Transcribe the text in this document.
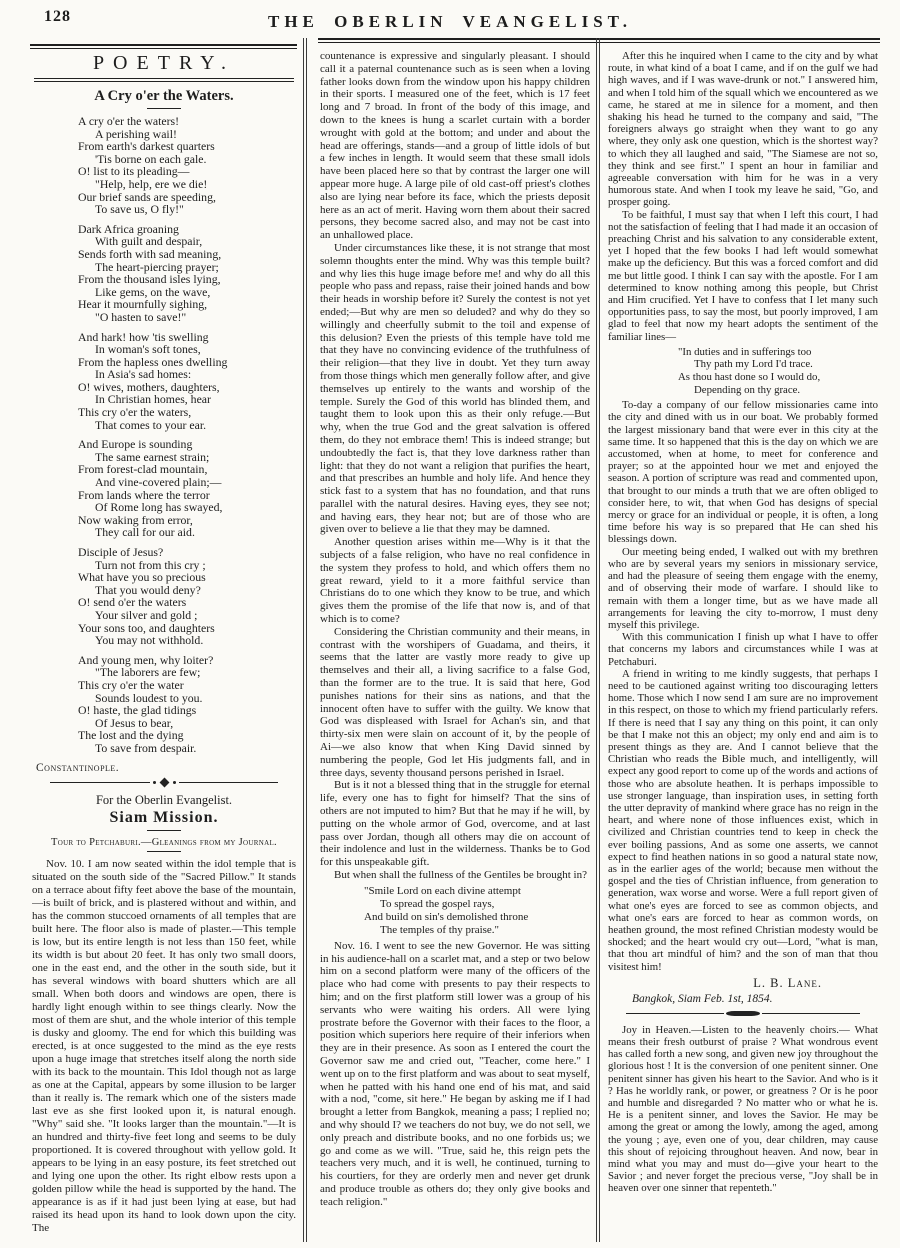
128	THE OBERLIN VEANGELIST.
POETRY.
A Cry o'er the Waters.
A cry o'er the waters!
A perishing wail!
From earth's darkest quarters
'Tis borne on each gale.
O! list to its pleading—
"Help, help, ere we die!
Our brief sands are speeding,
To save us, O fly!"
Dark Africa groaning
With guilt and despair,
Sends forth with sad meaning,
The heart-piercing prayer;
From the thousand isles lying,
Like gems, on the wave,
Hear it mournfully sighing,
"O hasten to save!"
And hark! how 'tis swelling
In woman's soft tones,
From the hapless ones dwelling
In Asia's sad homes:
O! wives, mothers, daughters,
In Christian homes, hear
This cry o'er the waters,
That comes to your ear.
And Europe is sounding
The same earnest strain;
From forest-clad mountain,
And vine-covered plain;—
From lands where the terror
Of Rome long has swayed,
Now waking from error,
They call for our aid.
Disciple of Jesus?
Turn not from this cry ;
What have you so precious
That you would deny?
O! send o'er the waters
Your silver and gold ;
Your sons too, and daughters
You may not withhold.
And young men, why loiter?
"The laborers are few;
This cry o'er the water
Sounds loudest to you.
O! haste, the glad tidings
Of Jesus to bear,
The lost and the dying
To save from despair.
Constantinople.
For the Oberlin Evangelist.
Siam Mission.
Tour to Petchaburi.—Gleanings from my Journal.

Nov. 10. I am now seated within the idol temple that is situated on the south side of the "Sacred Pillow." It stands on a terrace about fifty feet above the base of the mountain,—is built of brick, and is plastered without and within, and has the common stuccoed ornaments of all temples that are built here. The floor also is made of plaster.—This temple is low, but its entire length is not less than 150 feet, while its width is but about 20 feet. It has only two small doors, one in the east end, and the other in the south side, but it has several windows with board shutters which are all small. When both doors and windows are open, there is hardly light enough within to see things clearly. Now the most of them are shut, and the whole interior of this temple is dusky and gloomy. The end for which this building was erected, is at once suggested to the mind as the eye rests upon a huge image that stretches itself along the north side with its back to the mountain. This Idol though not as large as one at the Capital, appears by some illusion to be larger than it really is. The remark which one of the sisters made last eve as she first looked upon it, is natural enough. "Why" said she. "It looks larger than the mountain."—It is an hundred and thirty-five feet long and seems to be duly proportioned. It is covered throughout with yellow gold. It appears to be lying in an easy posture, its feet stretched out and lying one upon the other. Its right elbow rests upon a golden pillow while the head is supported by the hand. The appearance is as if it had just been lying at ease, but had raised its head upon its hand to look down upon the city. The

countenance is expressive and singularly pleasant. I should call it a paternal countenance such as is seen when a loving father looks down from the window upon his happy children in their sports. I measured one of the feet, which is 17 feet long and 7 broad. In front of the body of this image, and down to the knees is hung a scarlet curtain with a border wrought with gold at the bottom; and under and about the head are offerings, stands—and a group of little idols of but a few inches in length. It would seem that these small idols have been placed here so that by contrast the larger one will appear more huge. A large pile of old cast-off priest's clothes also are lying near before its face, which the priests deposit here as an act of merit. Having worn them about their sacred persons, they become sacred also, and may not be cast into an unhallowed place.

Under circumstances like these, it is not strange that most solemn thoughts enter the mind. Why was this temple built? and why lies this huge image before me! and why do all this people who pass and repass, raise their joined hands and bow their heads in worship before it? Surely the contest is not yet ended;—But why are men so deluded? and why do they so willingly and cheerfully submit to the toil and expense of this delusion? Even the priests of this temple have told me that they have no convincing evidence of the truthfulness of their religion—that they live in doubt. Yet they turn away from those things which men generally follow after, and give themselves up entirely to the wants and worship of the temple. Surely the God of this world has blinded them, and taught them to look upon this as their only refuge.—But why, when the true God and the great salvation is offered them, do they not embrace them! This is indeed strange; but undoubtedly the fact is, that they love darkness rather than light: that they do not want a religion that purifies the heart, and that prescribes an humble and holy life. And hence they stick fast to a system that has no foundation, and that runs parallel with the natural desires. Having eyes, they see not; and having ears, they hear not; but are of those who are given over to believe a lie that they may be damned.

Another question arises within me—Why is it that the subjects of a false religion, who have no real confidence in the system they profess to hold, and which offers them no great reward, yield to it a more faithful service than Christians do to one which they know to be true, and which gives them the promise of the life that now is, and of that which is to come?

Considering the Christian community and their means, in contrast with the worshipers of Guadama, and theirs, it seems that the latter are vastly more ready to give up themselves and their all, a living sacrifice to a false God, than the former are to the true. It is said that here, God punishes nations for their sins as nations, and that the innocent often have to suffer with the guilty. We know that God was displeased with Israel for Achan's sin, and that thirty-six men were slain on account of it, by the people of Ai—we also know that when King David sinned by numbering the people, God let His judgments fall, and in three days, seventy thousand persons perished in Israel.

But is it not a blessed thing that in the struggle for eternal life, every one has to fight for himself? That the sins of others are not imputed to him? But that he may if he will, by putting on the whole armor of God, overcome, and at last pass over Jordan, though all others may die on account of their indolence and lust in the wilderness. Thanks be to God for this unspeakable gift.

But when shall the fullness of the Gentiles be brought in?

"Smile Lord on each divine attempt
To spread the gospel rays,
And build on sin's demolished throne
The temples of thy praise."

Nov. 16. I went to see the new Governor. He was sitting in his audience-hall on a scarlet mat, and a step or two below him on a second platform were many of the officers of the place who had come with presents to pay their respects to him; and on the first platform still lower was a group of his servants who were waiting his orders. All were lying prostrate before the Governor with their faces to the floor, a position which superiors here require of their inferiors when they are in their presence. As soon as I entered the court the Governor saw me and cried out, "Teacher, come here." I went up on to the first platform and was about to seat myself, when he patted with his hand one end of his mat, and said with a nod, "come, sit here." He began by asking me if I had brought a letter from Bangkok, meaning a pass; I replied no; and why should I? we teachers do not buy, we do not sell, we only preach and distribute books, and no one forbids us; we go and come as we will. "True, said he, this reign pets the teachers very much, and it is well, he continued, turning to his courtiers, for they are orderly men and never get drunk and produce trouble as others do; they only give books and teach religion."

After this he inquired when I came to the city and by what route, in what kind of a boat I came, and if on the gulf we had high waves, and if I was wave-drunk or not." I answered him, and when I told him of the squall which we encountered as we came, he stared at me in silence for a moment, and then shaking his head he turned to the company and said, "The foreigners always go straight when they want to go any where, they only ask one question, which is the shortest way? to which they all laughed and said, "The Siamese are not so, they think and see first." I spent an hour in familiar and agreeable conversation with him for he was in a very humorous state. And when I took my leave he said, "Go, and prosper going.

To be faithful, I must say that when I left this court, I had not the satisfaction of feeling that I had made it an occasion of preaching Christ and his salvation to any considerable extent, yet I hoped that the few books I had left would somewhat make up the deficiency. But this was a forced comfort and did me but little good. I think I can say with the apostle. For I am determined to know nothing among this people, but Christ and Him crucified. Yet I have to confess that I let many such opportunities pass, to say the most, but poorly improved, I am glad to feel that now my heart adopts the sentiment of the familiar lines—

"In duties and in sufferings too
Thy path my Lord I'd trace.
As thou hast done so I would do,
Depending on thy grace.

To-day a company of our fellow missionaries came into the city and dined with us in our boat. We probably formed the largest missionary band that were ever in this city at the same time. It so happened that this is the day on which we are accustomed, when at home, to meet for conference and prayer; so at the appointed hour we met and enjoyed the season. A portion of scripture was read and commented upon, that brought to our minds a truth that we are often obliged to consider here, to wit, that when God has designs of special mercy or grace for an individual or people, it is often, a long time before his way is so prepared that He can shed his blessings down.

Our meeting being ended, I walked out with my brethren who are by several years my seniors in missionary service, and had the pleasure of seeing them engage with the enemy, and of observing their mode of warfare. I should like to remain with them a longer time, but as we have made all arrangements for leaving the city to-morrow, I must deny myself this privilege.

With this communication I finish up what I have to offer that concerns my labors and circumstances while I was at Petchaburi.

A friend in writing to me kindly suggests, that perhaps I need to be cautioned against writing too discouraging letters home. Those which I now send I am sure are no improvement in this respect, on those to which my friend particularly refers. If there is need that I say any thing on this point, it can only be that I make not this an object; my only end and aim is to present things as they are. And I cannot believe that the Christian who reads the Bible much, and intelligently, will expect any good report to come up of the words and actions of those who are absolute heathen. It is perhaps impossible to use stronger language, than inspiration uses, in setting forth the utter depravity of mankind where grace has no reign in the heart, and where none of those influences exist, which in civilized and Christian countries tend to keep in check the ever boiling passions, And as some one asserts, we cannot expect to find heathen nations in so good a natural state now, as in the earlier ages of the world; because men without the gospel and the ties of Christian influence, from generation to generation, wax worse and worse. Were a full report given of what one's eyes are forced to see as common objects, and what one's ears are forced to hear as common words, on heathen ground, the most refined Christian modesty would be shocked; and the heart would cry out—Lord, "what is man, that thou art mindful of him? and the son of man that thou visitest him!

L. B. Lane.
Bangkok, Siam Feb. 1st, 1854.

Joy in Heaven.—Listen to the heavenly choirs.— What means their fresh outburst of praise ? What wondrous event has called forth a new song, and given new joy throughout the glorious host ! It is the conversion of one penitent sinner. One penitent sinner has given his heart to the Savior. And who is it ? Has he worldly rank, or power, or greatness ? Or is he poor and humble and disregarded ? No matter who or what he is. He is a penitent sinner, and loves the Savior. He may be among the great or among the lowly, among the aged, among the young ; aye, even one of you, dear children, may cause this shout of rejoicing throughout heaven. And now, bear in mind what you may and must do—give your heart to the Savior ; and never forget the precious verse, "Joy shall be in heaven over one sinner that repenteth."
